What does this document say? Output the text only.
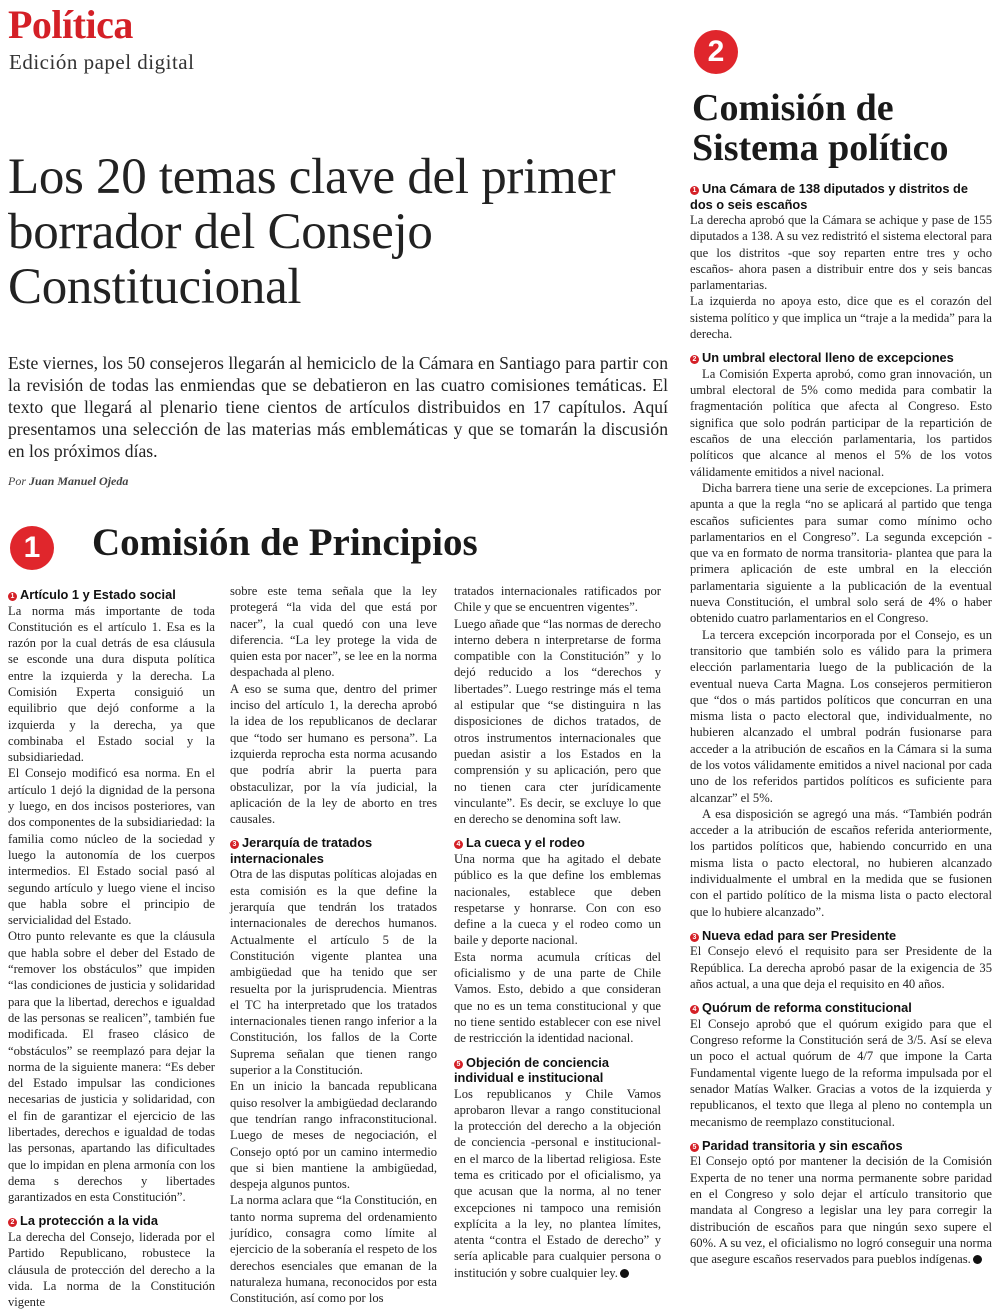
Política
Edición papel digital
Los 20 temas clave del primer borrador del Consejo Constitucional
Este viernes, los 50 consejeros llegarán al hemiciclo de la Cámara en Santiago para partir con la revisión de todas las enmiendas que se debatieron en las cuatro comisiones temáticas. El texto que llegará al plenario tiene cientos de artículos distribuidos en 17 capítulos. Aquí presentamos una selección de las materias más emblemáticas y que se tomarán la discusión en los próximos días.
Por Juan Manuel Ojeda
1	Comisión de Principios
2
Comisión de Sistema político
1 Artículo 1 y Estado social

La norma más importante de toda Constitución es el artículo 1. Esa es la razón por la cual detrás de esa cláusula se esconde una dura disputa política entre la izquierda y la derecha. La Comisión Experta consiguió un equilibrio que dejó conforme a la izquierda y la derecha, ya que combinaba el Estado social y la subsidiariedad.

El Consejo modificó esa norma. En el artículo 1 dejó la dignidad de la persona y luego, en dos incisos posteriores, van dos componentes de la subsidiariedad: la familia como núcleo de la sociedad y luego la autonomía de los cuerpos intermedios. El Estado social pasó al segundo artículo y luego viene el inciso que habla sobre el principio de servicialidad del Estado.

Otro punto relevante es que la cláusula que habla sobre el deber del Estado de “remover los obstáculos” que impiden “las condiciones de justicia y solidaridad para que la libertad, derechos e igualdad de las personas se realicen”, también fue modificada. El fraseo clásico de “obstáculos” se reemplazó para dejar la norma de la siguiente manera: “Es deber del Estado impulsar las condiciones necesarias de justicia y solidaridad, con el fin de garantizar el ejercicio de las libertades, derechos e igualdad de todas las personas, apartando las dificultades que lo impidan en plena armonía con los dema s derechos y libertades garantizados en esta Constitución”.

2 La protección a la vida

La derecha del Consejo, liderada por el Partido Republicano, robustece la cláusula de protección del derecho a la vida. La norma de la Constitución vigente

sobre este tema señala que la ley protegerá “la vida del que está por nacer”, la cual quedó con una leve diferencia. “La ley protege la vida de quien esta por nacer”, se lee en la norma despachada al pleno.

A eso se suma que, dentro del primer inciso del artículo 1, la derecha aprobó la idea de los republicanos de declarar que “todo ser humano es persona”. La izquierda reprocha esta norma acusando que podría abrir la puerta para obstaculizar, por la vía judicial, la aplicación de la ley de aborto en tres causales.

3 Jerarquía de tratados internacionales

Otra de las disputas políticas alojadas en esta comisión es la que define la jerarquía que tendrán los tratados internacionales de derechos humanos. Actualmente el artículo 5 de la Constitución vigente plantea una ambigüedad que ha tenido que ser resuelta por la jurisprudencia. Mientras el TC ha interpretado que los tratados internacionales tienen rango inferior a la Constitución, los fallos de la Corte Suprema señalan que tienen rango superior a la Constitución.

En un inicio la bancada republicana quiso resolver la ambigüedad declarando que tendrían rango infraconstitucional. Luego de meses de negociación, el Consejo optó por un camino intermedio que si bien mantiene la ambigüedad, despeja algunos puntos.

La norma aclara que “la Constitución, en tanto norma suprema del ordenamiento jurídico, consagra como límite al ejercicio de la soberanía el respeto de los derechos esenciales que emanan de la naturaleza humana, reconocidos por esta Constitución, así como por los

tratados internacionales ratificados por Chile y que se encuentren vigentes”.

Luego añade que “las normas de derecho interno debera n interpretarse de forma compatible con la Constitución” y lo dejó reducido a los “derechos y libertades”. Luego restringe más el tema al estipular que “se distinguira n las disposiciones de dichos tratados, de otros instrumentos internacionales que puedan asistir a los Estados en la comprensión y su aplicación, pero que no tienen cara cter jurídicamente vinculante”. Es decir, se excluye lo que en derecho se denomina soft law.

4 La cueca y el rodeo

Una norma que ha agitado el debate público es la que define los emblemas nacionales, establece que deben respetarse y honrarse. Con con eso define a la cueca y el rodeo como un baile y deporte nacional.

Esta norma acumula críticas del oficialismo y de una parte de Chile Vamos. Esto, debido a que consideran que no es un tema constitucional y que no tiene sentido establecer con ese nivel de restricción la identidad nacional.

5 Objeción de conciencia individual e institucional

Los republicanos y Chile Vamos aprobaron llevar a rango constitucional la protección del derecho a la objeción de conciencia -personal e institucional- en el marco de la libertad religiosa. Este tema es criticado por el oficialismo, ya que acusan que la norma, al no tener excepciones ni tampoco una remisión explícita a la ley, no plantea límites, atenta “contra el Estado de derecho” y sería aplicable para cualquier persona o institución y sobre cualquier ley.

1 Una Cámara de 138 diputados y distritos de dos o seis escaños

La derecha aprobó que la Cámara se achique y pase de 155 diputados a 138. A su vez redistritó el sistema electoral para que los distritos -que soy reparten entre tres y ocho escaños- ahora pasen a distribuir entre dos y seis bancas parlamentarias.

La izquierda no apoya esto, dice que es el corazón del sistema político y que implica un “traje a la medida” para la derecha.

2 Un umbral electoral lleno de excepciones

La Comisión Experta aprobó, como gran innovación, un umbral electoral de 5% como medida para combatir la fragmentación política que afecta al Congreso. Esto significa que solo podrán participar de la repartición de escaños de una elección parlamentaria, los partidos políticos que alcance al menos el 5% de los votos válidamente emitidos a nivel nacional.

Dicha barrera tiene una serie de excepciones. La primera apunta a que la regla “no se aplicará al partido que tenga escaños suficientes para sumar como mínimo ocho parlamentarios en el Congreso”. La segunda excepción -que va en formato de norma transitoria- plantea que para la primera aplicación de este umbral en la elección parlamentaria siguiente a la publicación de la eventual nueva Constitución, el umbral solo será de 4% o haber obtenido cuatro parlamentarios en el Congreso.

La tercera excepción incorporada por el Consejo, es un transitorio que también solo es válido para la primera elección parlamentaria luego de la publicación de la eventual nueva Carta Magna. Los consejeros permitieron que “dos o más partidos políticos que concurran en una misma lista o pacto electoral que, individualmente, no hubieren alcanzado el umbral podrán fusionarse para acceder a la atribución de escaños en la Cámara si la suma de los votos válidamente emitidos a nivel nacional por cada uno de los referidos partidos políticos es suficiente para alcanzar” el 5%.

A esa disposición se agregó una más. “También podrán acceder a la atribución de escaños referida anteriormente, los partidos políticos que, habiendo concurrido en una misma lista o pacto electoral, no hubieren alcanzado individualmente el umbral en la medida que se fusionen con el partido político de la misma lista o pacto electoral que lo hubiere alcanzado”.

3 Nueva edad para ser Presidente

El Consejo elevó el requisito para ser Presidente de la República. La derecha aprobó pasar de la exigencia de 35 años actual, a una que deja el requisito en 40 años.

4 Quórum de reforma constitucional

El Consejo aprobó que el quórum exigido para que el Congreso reforme la Constitución será de 3/5. Así se eleva un poco el actual quórum de 4/7 que impone la Carta Fundamental vigente luego de la reforma impulsada por el senador Matías Walker. Gracias a votos de la izquierda y republicanos, el texto que llega al pleno no contempla un mecanismo de reemplazo constitucional.

5 Paridad transitoria y sin escaños

El Consejo optó por mantener la decisión de la Comisión Experta de no tener una norma permanente sobre paridad en el Congreso y solo dejar el artículo transitorio que mandata al Congreso a legislar una ley para corregir la distribución de escaños para que ningún sexo supere el 60%. A su vez, el oficialismo no logró conseguir una norma que asegure escaños reservados para pueblos indígenas.
